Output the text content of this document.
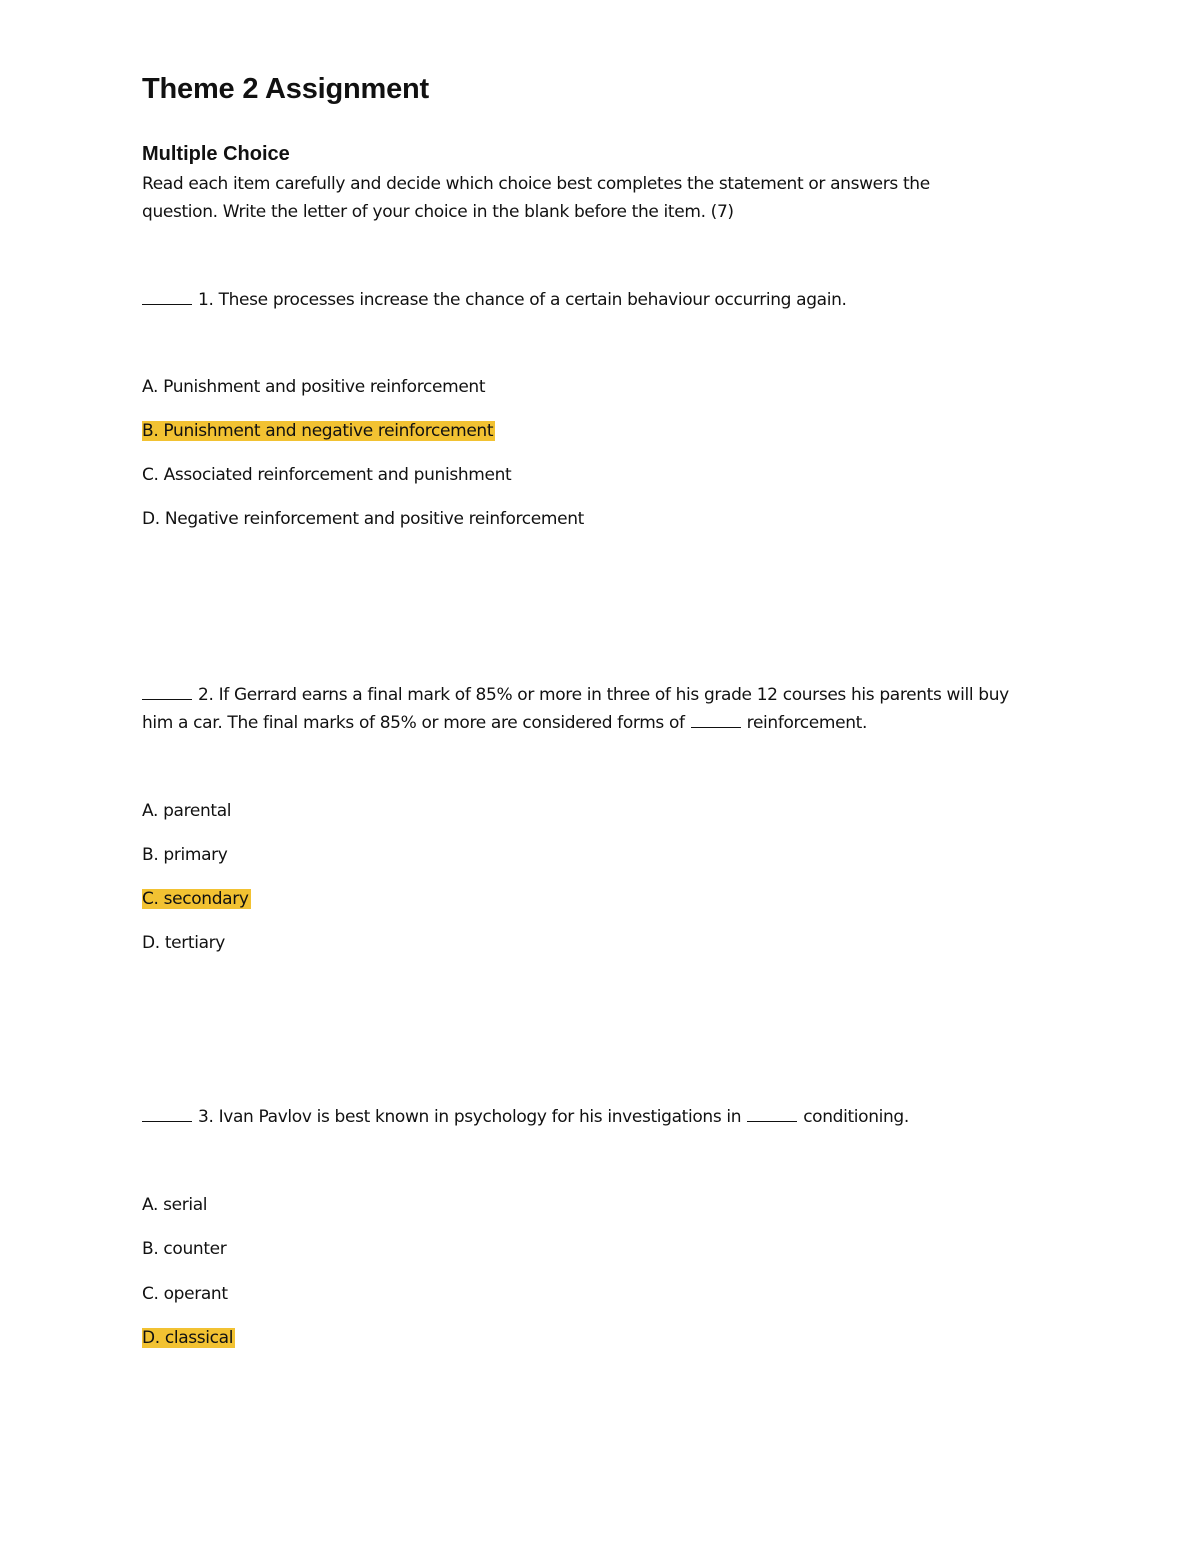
Theme 2 Assignment
Multiple Choice
Read each item carefully and decide which choice best completes the statement or answers the
question. Write the letter of your choice in the blank before the item. (7)
1. These processes increase the chance of a certain behaviour occurring again.
A. Punishment and positive reinforcement
B. Punishment and negative reinforcement
C. Associated reinforcement and punishment
D. Negative reinforcement and positive reinforcement
2. If Gerrard earns a final mark of 85% or more in three of his grade 12 courses his parents will buy
him a car. The final marks of 85% or more are considered forms of	reinforcement.
A. parental
B. primary
C. secondary
D. tertiary
3. Ivan Pavlov is best known in psychology for his investigations in	conditioning.
A. serial
B. counter
C. operant
D. classical
